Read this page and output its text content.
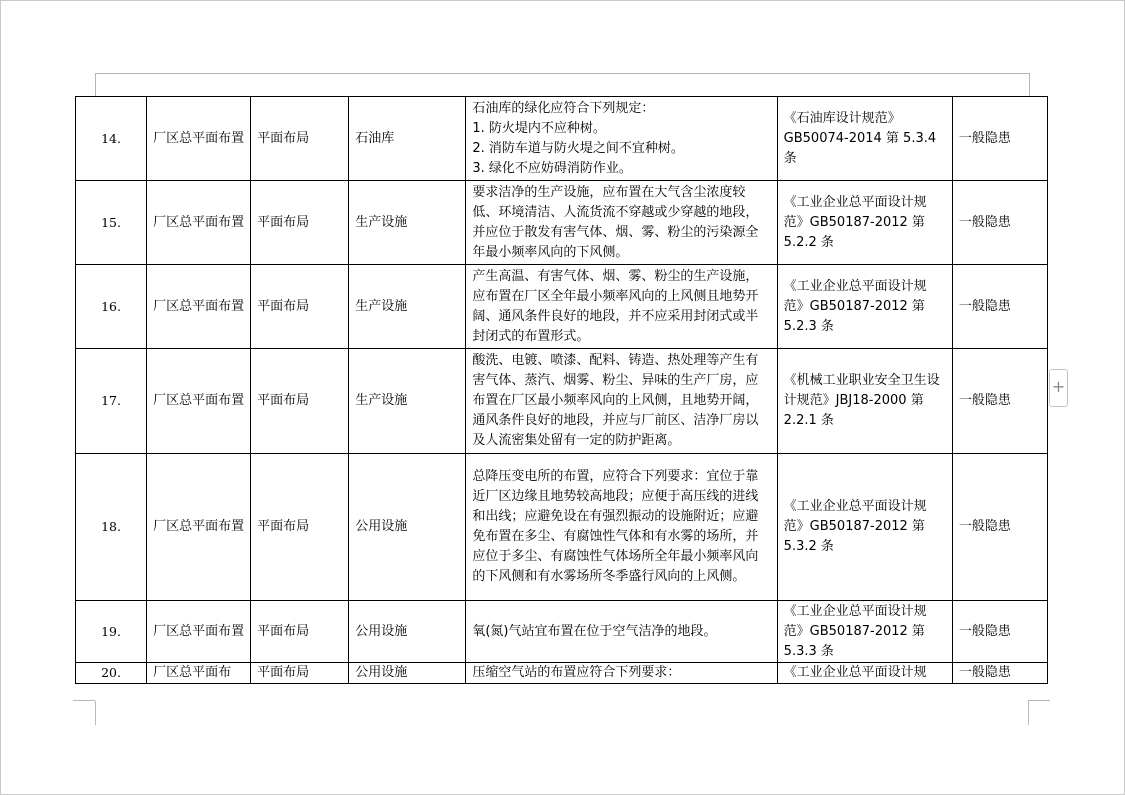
14.	厂区总平面布置	平面布局	石油库	石油库的绿化应符合下列规定：
1. 防火堤内不应种树。
2. 消防车道与防火堤之间不宜种树。
3. 绿化不应妨碍消防作业。	《石油库设计规范》GB50074-2014 第 5.3.4 条	一般隐患
15.	厂区总平面布置	平面布局	生产设施	要求洁净的生产设施，应布置在大气含尘浓度较低、环境清洁、人流货流不穿越或少穿越的地段，并应位于散发有害气体、烟、雾、粉尘的污染源全年最小频率风向的下风侧。	《工业企业总平面设计规范》GB50187-2012 第 5.2.2 条	一般隐患
16.	厂区总平面布置	平面布局	生产设施	产生高温、有害气体、烟、雾、粉尘的生产设施，应布置在厂区全年最小频率风向的上风侧且地势开阔、通风条件良好的地段，并不应采用封闭式或半封闭式的布置形式。	《工业企业总平面设计规范》GB50187-2012 第 5.2.3 条	一般隐患
17.	厂区总平面布置	平面布局	生产设施	酸洗、电镀、喷漆、配料、铸造、热处理等产生有害气体、蒸汽、烟雾、粉尘、异味的生产厂房，应布置在厂区最小频率风向的上风侧，且地势开阔，通风条件良好的地段，并应与厂前区、洁净厂房以及人流密集处留有一定的防护距离。	《机械工业职业安全卫生设计规范》JBJ18-2000 第 2.2.1 条	一般隐患
18.	厂区总平面布置	平面布局	公用设施	总降压变电所的布置，应符合下列要求：宜位于靠近厂区边缘且地势较高地段；应便于高压线的进线和出线；应避免设在有强烈振动的设施附近；应避免布置在多尘、有腐蚀性气体和有水雾的场所，并应位于多尘、有腐蚀性气体场所全年最小频率风向的下风侧和有水雾场所冬季盛行风向的上风侧。	《工业企业总平面设计规范》GB50187-2012 第 5.3.2 条	一般隐患
19.	厂区总平面布置	平面布局	公用设施	氧(氮)气站宜布置在位于空气洁净的地段。	《工业企业总平面设计规范》GB50187-2012 第 5.3.3 条	一般隐患
20.	厂区总平面布	平面布局	公用设施	压缩空气站的布置应符合下列要求：	《工业企业总平面设计规	一般隐患
+
